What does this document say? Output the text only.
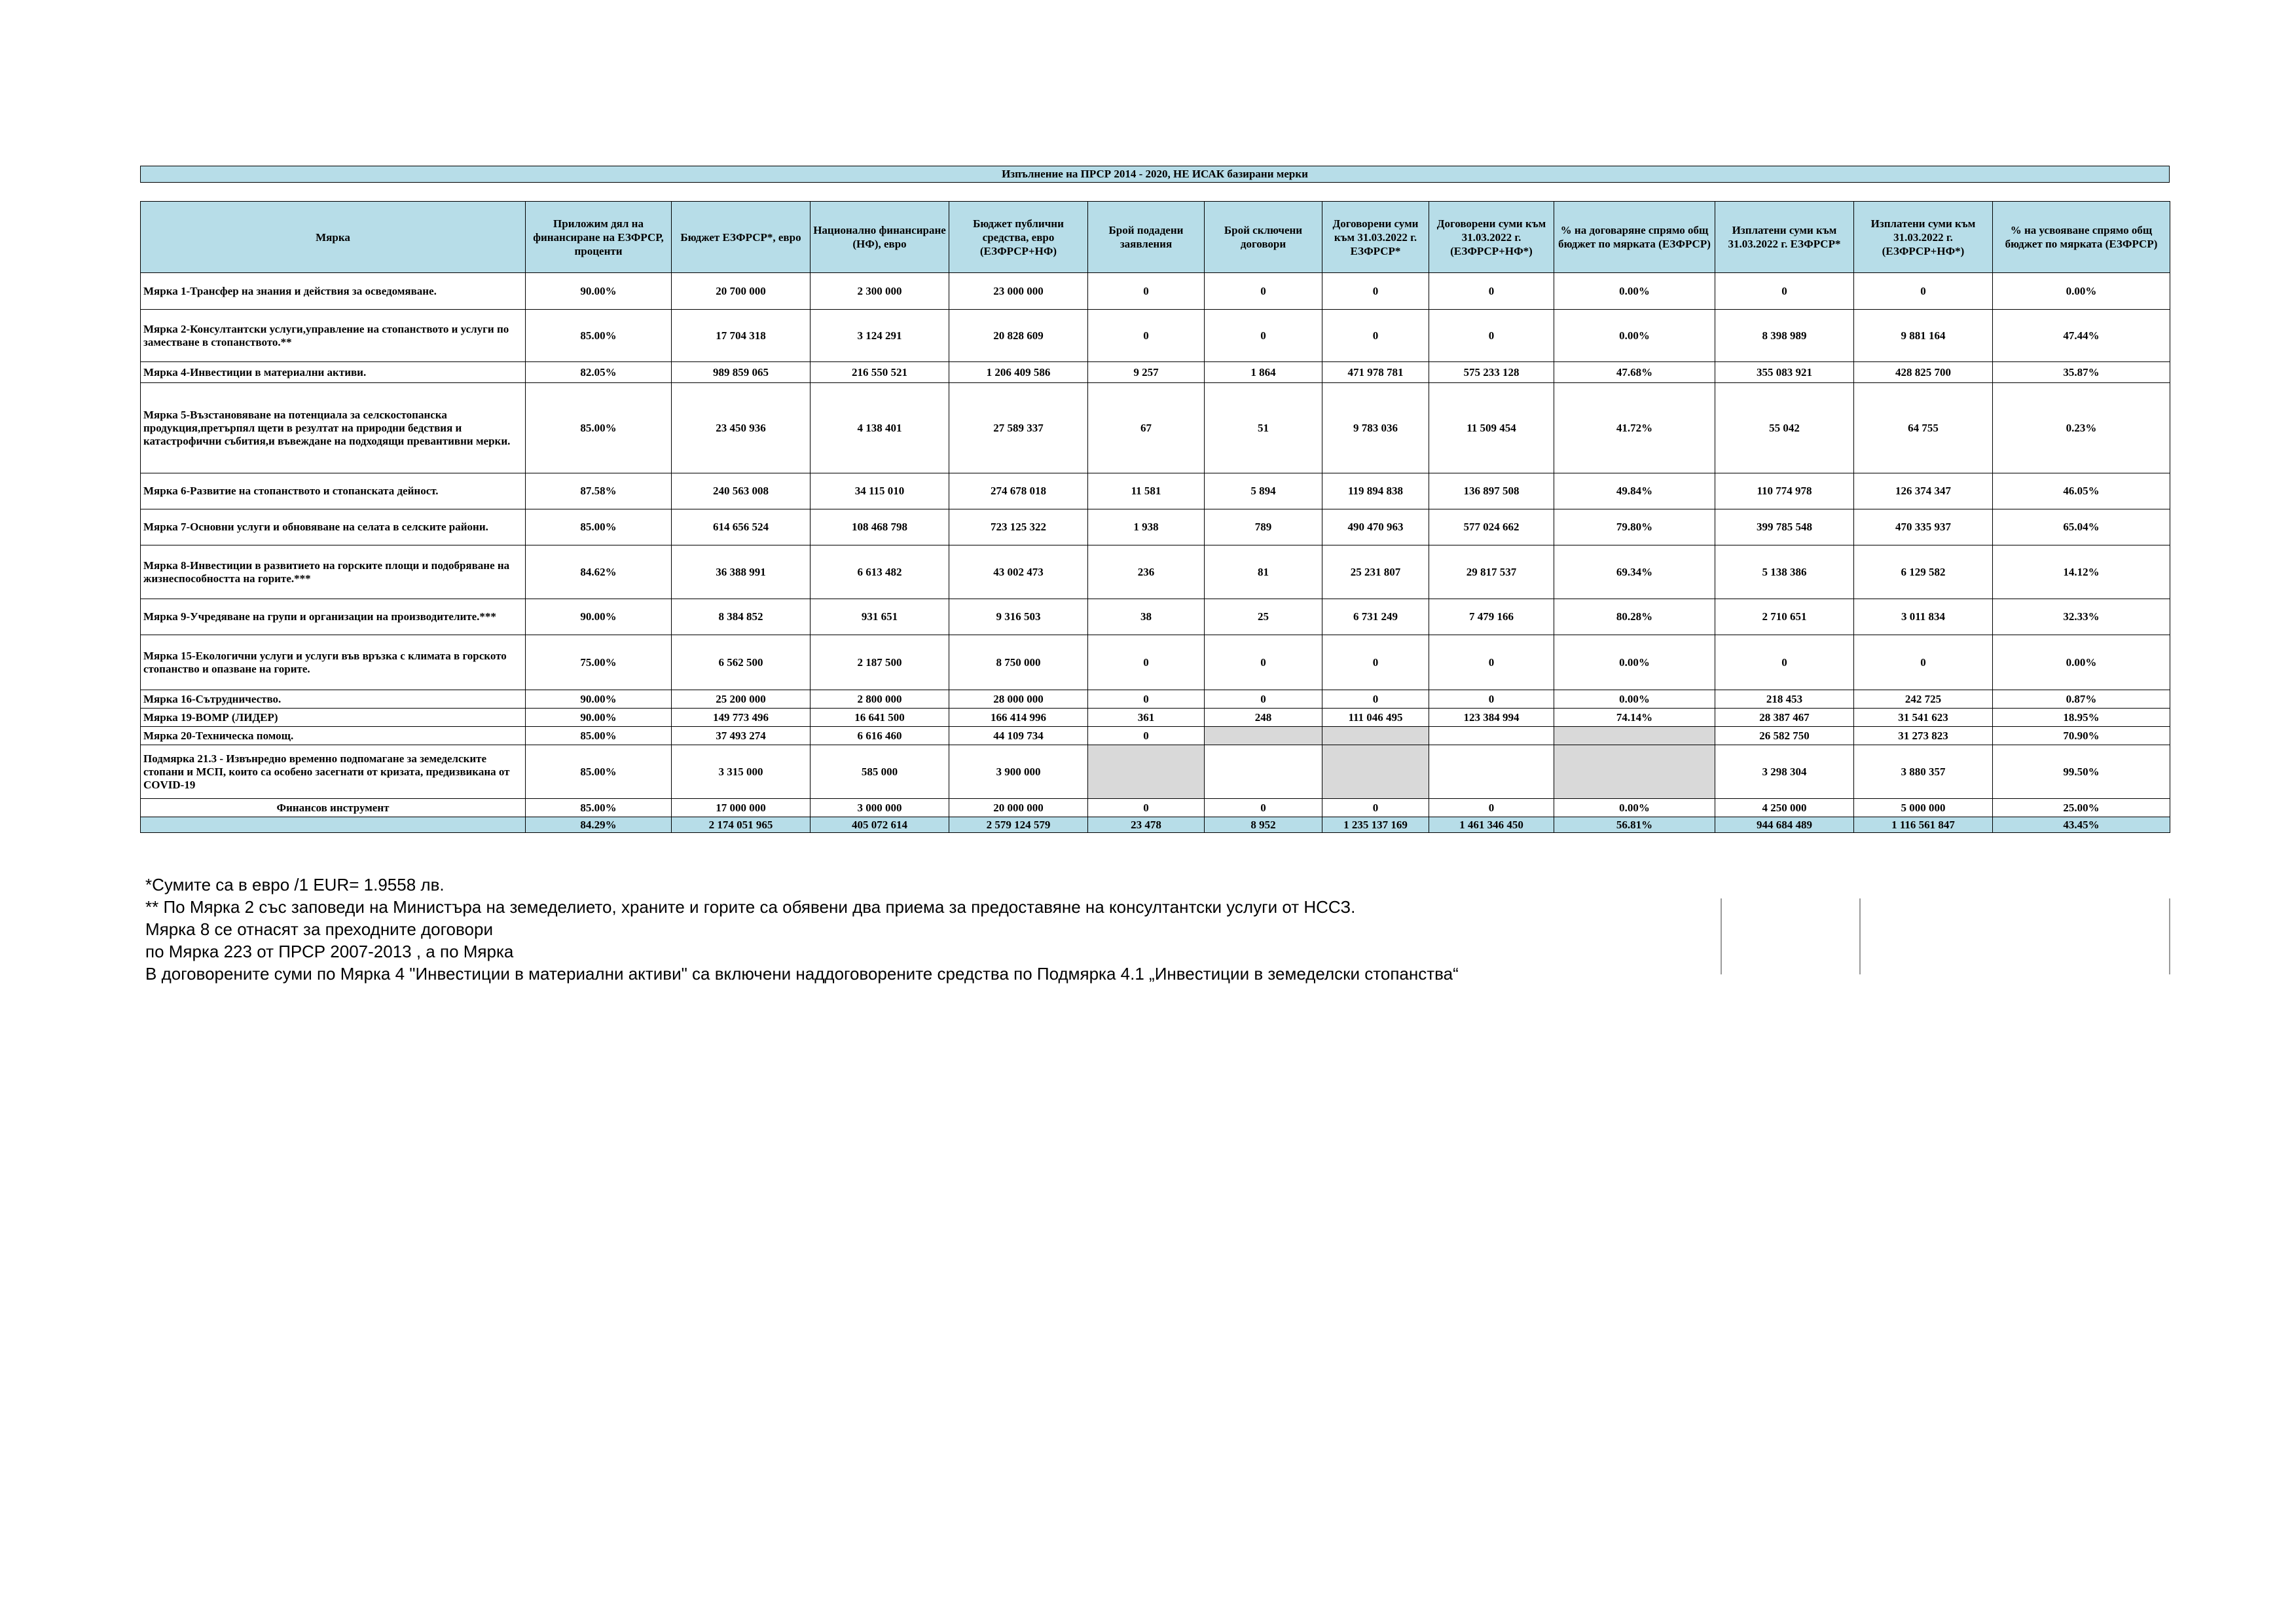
Изпълнение на ПРСР 2014 - 2020, НЕ ИСАК базирани мерки
Мярка	Приложим дял на финансиране на ЕЗФРСР, проценти	Бюджет ЕЗФРСР*, евро	Национално финансиране (НФ), евро	Бюджет публични средства, евро (ЕЗФРСР+НФ)	Брой подадени заявления	Брой сключени договори	Договорени суми към 31.03.2022 г. ЕЗФРСР*	Договорени суми към 31.03.2022 г. (ЕЗФРСР+НФ*)	% на договаряне спрямо общ бюджет по мярката (ЕЗФРСР)	Изплатени суми към 31.03.2022 г. ЕЗФРСР*	Изплатени суми към 31.03.2022 г. (ЕЗФРСР+НФ*)	% на усвояване спрямо общ бюджет по мярката (ЕЗФРСР)
Мярка 1-Трансфер на знания и действия за осведомяване.	90.00%	20 700 000	2 300 000	23 000 000	0	0	0	0	0.00%	0	0	0.00%
Мярка 2-Консултантски услуги,управление на стопанството и услуги по заместване в стопанството.**	85.00%	17 704 318	3 124 291	20 828 609	0	0	0	0	0.00%	8 398 989	9 881 164	47.44%
Мярка 4-Инвестиции в материални активи.	82.05%	989 859 065	216 550 521	1 206 409 586	9 257	1 864	471 978 781	575 233 128	47.68%	355 083 921	428 825 700	35.87%
Мярка 5-Възстановяване на потенциала за селскостопанска продукция,претърпял щети в резултат на природни бедствия и катастрофични събития,и въвеждане на подходящи превантивни мерки.	85.00%	23 450 936	4 138 401	27 589 337	67	51	9 783 036	11 509 454	41.72%	55 042	64 755	0.23%
Мярка 6-Развитие на стопанството и стопанската дейност.	87.58%	240 563 008	34 115 010	274 678 018	11 581	5 894	119 894 838	136 897 508	49.84%	110 774 978	126 374 347	46.05%
Мярка 7-Основни услуги и обновяване на селата в селските райони.	85.00%	614 656 524	108 468 798	723 125 322	1 938	789	490 470 963	577 024 662	79.80%	399 785 548	470 335 937	65.04%
Мярка 8-Инвестиции в развитието на горските площи и подобряване на жизнеспособността на горите.***	84.62%	36 388 991	6 613 482	43 002 473	236	81	25 231 807	29 817 537	69.34%	5 138 386	6 129 582	14.12%
Мярка 9-Учредяване на групи и организации на производителите.***	90.00%	8 384 852	931 651	9 316 503	38	25	6 731 249	7 479 166	80.28%	2 710 651	3 011 834	32.33%
Мярка 15-Екологични услуги и услуги във връзка с климата в горското стопанство и опазване на горите.	75.00%	6 562 500	2 187 500	8 750 000	0	0	0	0	0.00%	0	0	0.00%
Мярка 16-Сътрудничество.	90.00%	25 200 000	2 800 000	28 000 000	0	0	0	0	0.00%	218 453	242 725	0.87%
Мярка 19-ВОМР (ЛИДЕР)	90.00%	149 773 496	16 641 500	166 414 996	361	248	111 046 495	123 384 994	74.14%	28 387 467	31 541 623	18.95%
Мярка 20-Техническа помощ.	85.00%	37 493 274	6 616 460	44 109 734	0					26 582 750	31 273 823	70.90%
Подмярка 21.3 - Извънредно временно подпомагане за земеделските стопани и МСП, които са особено засегнати от кризата, предизвикана от COVID-19	85.00%	3 315 000	585 000	3 900 000						3 298 304	3 880 357	99.50%
Финансов инструмент	85.00%	17 000 000	3 000 000	20 000 000	0	0	0	0	0.00%	4 250 000	5 000 000	25.00%
	84.29%	2 174 051 965	405 072 614	2 579 124 579	23 478	8 952	1 235 137 169	1 461 346 450	56.81%	944 684 489	1 116 561 847	43.45%
*Сумите са в евро /1 EUR= 1.9558 лв.
** По Мярка 2 със заповеди на Министъра на земеделието, храните и горите са обявени два приема за предоставяне на консултантски услуги от НССЗ.
Мярка 8 се отнасят за преходните договори
по Мярка 223 от ПРСР 2007-2013 , а по Мярка
В договорените суми по Мярка 4 "Инвестиции в материални активи" са включени наддоговорените средства по Подмярка 4.1 „Инвестиции в земеделски стопанства“
